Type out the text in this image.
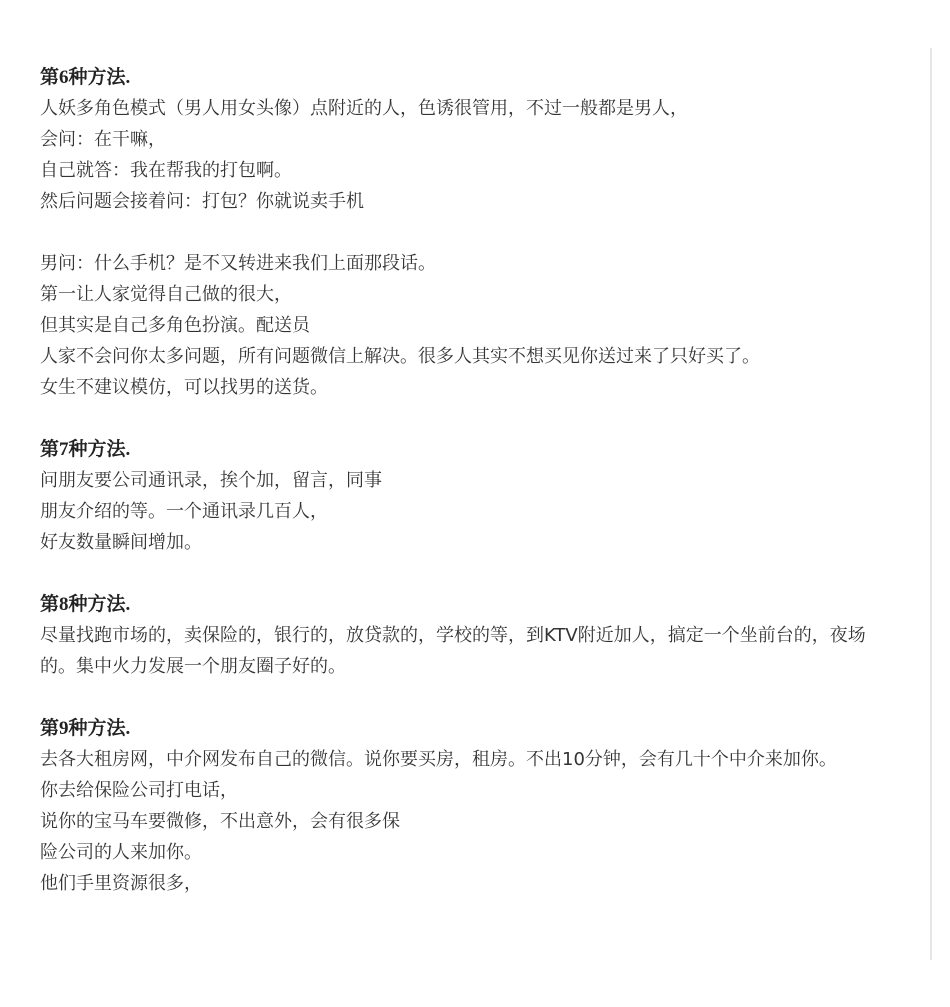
第6种方法.
人妖多角色模式（男人用女头像）点附近的人，色诱很管用，不过一般都是男人，
会问：在干嘛，
自己就答：我在帮我的打包啊。
然后问题会接着问：打包？你就说卖手机
男问：什么手机？是不又转进来我们上面那段话。
第一让人家觉得自己做的很大，
但其实是自己多角色扮演。配送员
人家不会问你太多问题，所有问题微信上解决。很多人其实不想买见你送过来了只好买了。
女生不建议模仿，可以找男的送货。
第7种方法.
问朋友要公司通讯录，挨个加，留言，同事
朋友介绍的等。一个通讯录几百人，
好友数量瞬间增加。
第8种方法.
尽量找跑市场的，卖保险的，银行的，放贷款的，学校的等，到KTV附近加人，搞定一个坐前台的，夜场的。集中火力发展一个朋友圈子好的。
第9种方法.
去各大租房网，中介网发布自己的微信。说你要买房，租房。不出10分钟，会有几十个中介来加你。
你去给保险公司打电话，
说你的宝马车要微修，不出意外，会有很多保
险公司的人来加你。
他们手里资源很多，
